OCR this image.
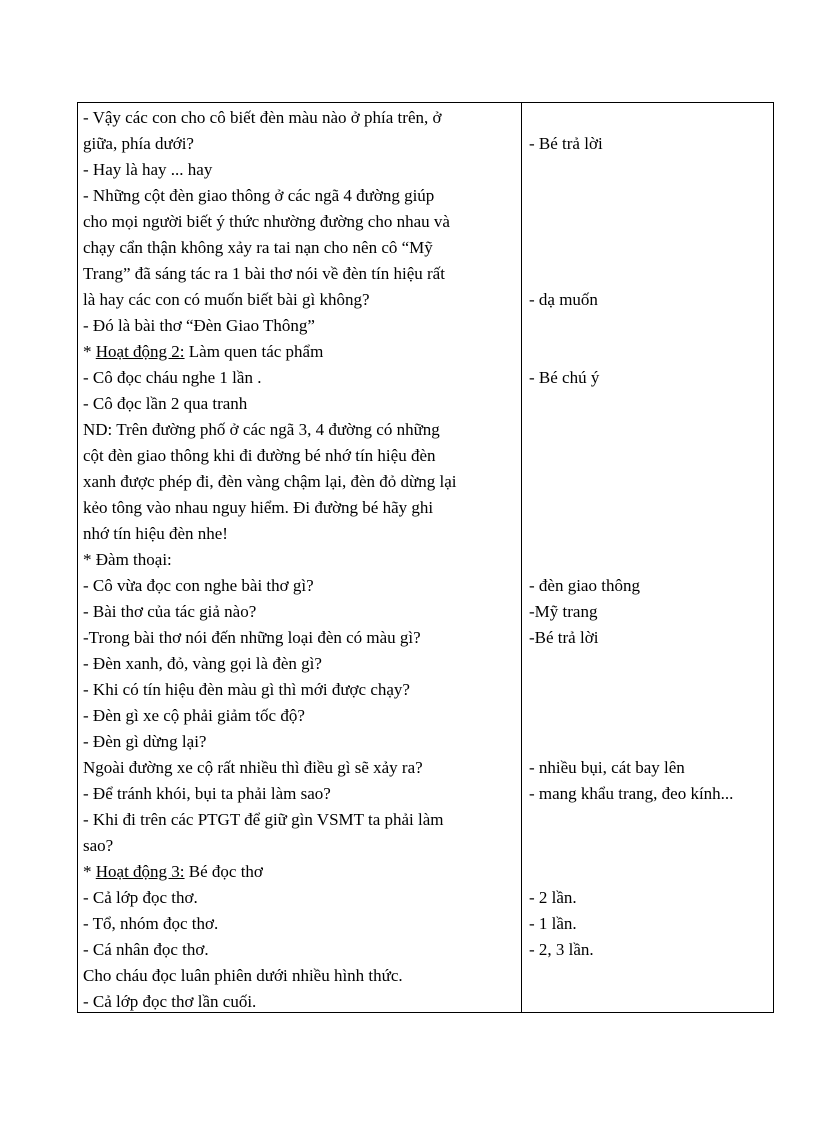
- Vậy các con cho cô biết đèn màu nào ở phía trên, ở
giữa, phía dưới?
- Hay là hay ... hay
- Những cột đèn giao thông ở các ngã 4 đường giúp
cho mọi người biết ý thức nhường đường cho nhau và
chạy cẩn thận không xảy ra tai nạn cho nên cô “Mỹ
Trang” đã sáng tác ra 1 bài thơ nói về đèn tín hiệu rất
là hay các con có muốn biết bài gì không?
- Đó là bài thơ “Đèn Giao Thông”
* Hoạt động 2: Làm quen tác phẩm
- Cô đọc cháu nghe 1 lần .
- Cô đọc lần 2 qua tranh
ND: Trên đường phố ở các ngã 3, 4 đường có những
cột đèn giao thông khi đi đường bé nhớ tín hiệu đèn
xanh được phép đi, đèn vàng chậm lại, đèn đỏ dừng lại
kẻo tông vào nhau nguy hiểm. Đi đường bé hãy ghi
nhớ tín hiệu đèn nhe!
* Đàm thoại:
- Cô vừa đọc con nghe bài thơ gì?
- Bài thơ của tác giả nào?
-Trong bài thơ nói đến những loại đèn có màu gì?
- Đèn xanh, đỏ, vàng gọi là đèn gì?
- Khi có tín hiệu đèn màu gì thì mới được chạy?
- Đèn gì xe cộ phải giảm tốc độ?
- Đèn gì dừng lại?
Ngoài đường xe cộ rất nhiều thì điều gì sẽ xảy ra?
- Để tránh khói, bụi ta phải làm sao?
- Khi đi trên các PTGT để giữ gìn VSMT ta phải làm
sao?
* Hoạt động 3: Bé đọc thơ
- Cả lớp đọc thơ.
- Tổ, nhóm đọc thơ.
- Cá nhân đọc thơ.
Cho cháu đọc luân phiên dưới nhiều hình thức.
- Cả lớp đọc thơ lần cuối.
- Bé trả lời
- dạ muốn
- Bé chú ý
- đèn giao thông
-Mỹ trang
-Bé trả lời
- nhiều bụi, cát bay lên
- mang khẩu trang, đeo kính...
- 2 lần.
- 1 lần.
- 2, 3 lần.
